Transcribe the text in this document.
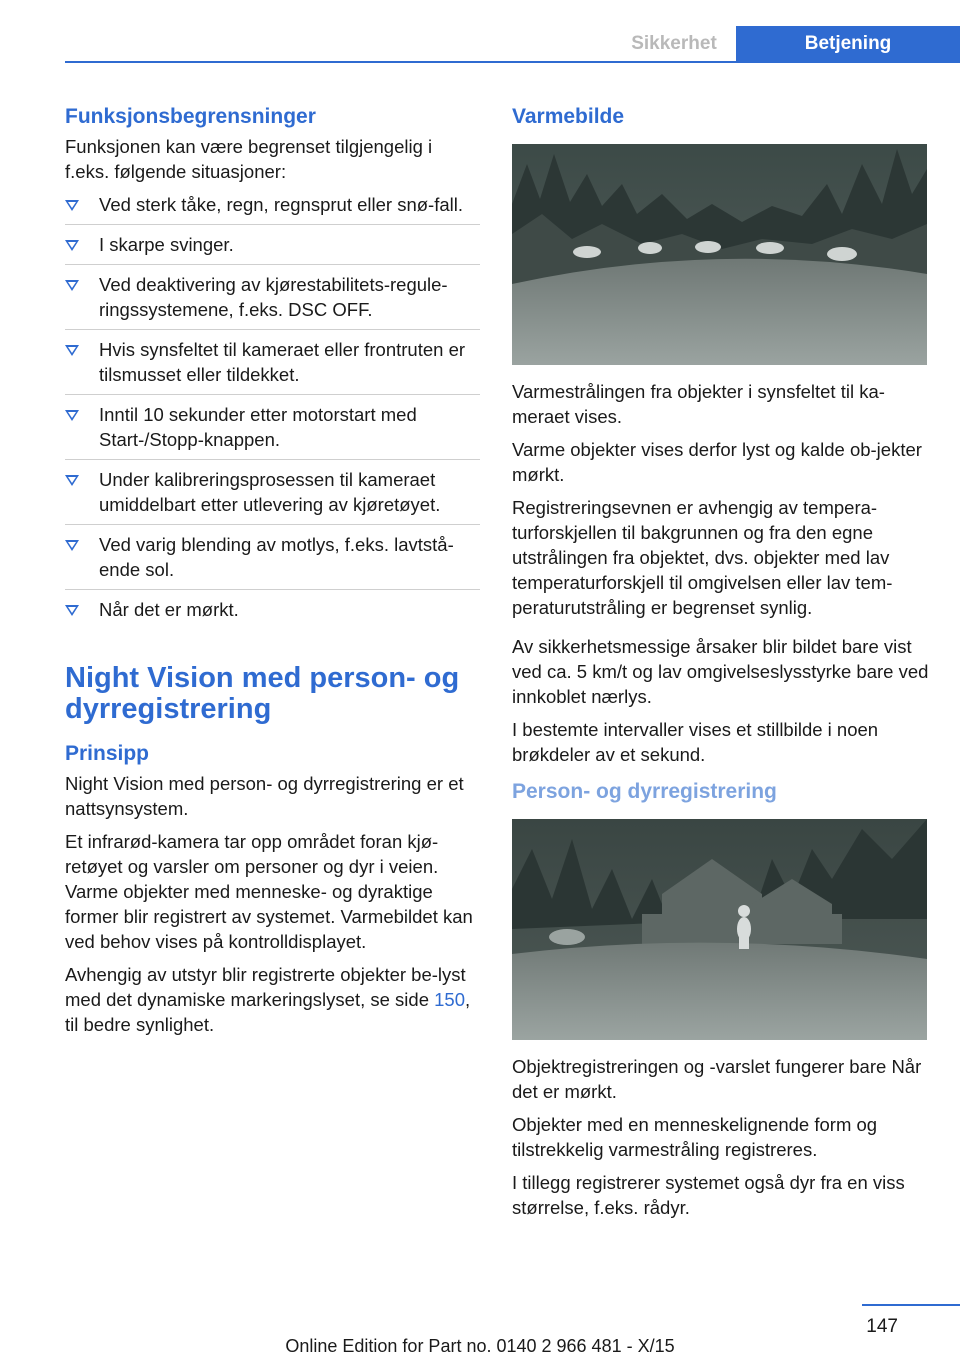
Sikkerhet	Betjening
Funksjonsbegrensninger
Funksjonen kan være begrenset tilgjengelig i f.eks. følgende situasjoner:
Ved sterk tåke, regn, regnsprut eller snø-fall.
I skarpe svinger.
Ved deaktivering av kjørestabilitets-regule-ringssystemene, f.eks. DSC OFF.
Hvis synsfeltet til kameraet eller frontruten er tilsmusset eller tildekket.
Inntil 10 sekunder etter motorstart med Start-/Stopp-knappen.
Under kalibreringsprosessen til kameraet umiddelbart etter utlevering av kjøretøyet.
Ved varig blending av motlys, f.eks. lavtstå-ende sol.
Når det er mørkt.
Night Vision med person- og dyrregistrering
Prinsipp
Night Vision med person- og dyrregistrering er et nattsynsystem.
Et infrarød-kamera tar opp området foran kjø-retøyet og varsler om personer og dyr i veien. Varme objekter med menneske- og dyraktige former blir registrert av systemet. Varmebildet kan ved behov vises på kontrolldisplayet.
Avhengig av utstyr blir registrerte objekter be-lyst med det dynamiske markeringslyset, se side 150, til bedre synlighet.
Varmebilde
Varmestrålingen fra objekter i synsfeltet til ka-meraet vises.
Varme objekter vises derfor lyst og kalde ob-jekter mørkt.
Registreringsevnen er avhengig av tempera-turforskjellen til bakgrunnen og fra den egne utstrålingen fra objektet, dvs. objekter med lav temperaturforskjell til omgivelsen eller lav tem-peraturutstråling er begrenset synlig.
Av sikkerhetsmessige årsaker blir bildet bare vist ved ca. 5 km/t og lav omgivelseslysstyrke bare ved innkoblet nærlys.
I bestemte intervaller vises et stillbilde i noen brøkdeler av et sekund.
Person- og dyrregistrering
Objektregistreringen og -varslet fungerer bare Når det er mørkt.
Objekter med en menneskelignende form og tilstrekkelig varmestråling registreres.
I tillegg registrerer systemet også dyr fra en viss størrelse, f.eks. rådyr.
147
Online Edition for Part no. 0140 2 966 481 - X/15
